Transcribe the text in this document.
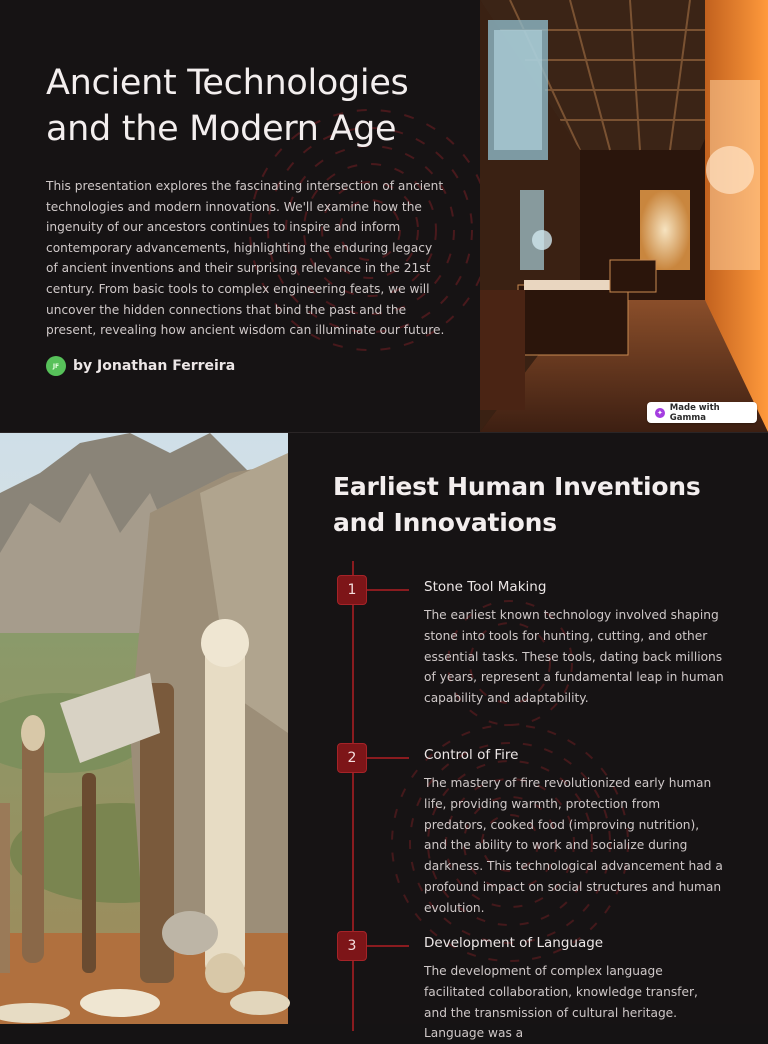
Ancient Technologies and the Modern Age

This presentation explores the fascinating intersection of ancient technologies and modern innovations. We'll examine how the ingenuity of our ancestors continues to inspire and inform contemporary advancements, highlighting the enduring legacy of ancient inventions and their surprising relevance in the 21st century. From basic tools to complex engineering feats, we will uncover the hidden connections that bind the past and the present, revealing how ancient wisdom can illuminate our future.

JF by Jonathan Ferreira
✦ Made with Gamma
Earliest Human Inventions and Innovations
1	Stone Tool Making

The earliest known technology involved shaping stone into tools for hunting, cutting, and other essential tasks. These tools, dating back millions of years, represent a fundamental leap in human capability and adaptability.

2	Control of Fire

The mastery of fire revolutionized early human life, providing warmth, protection from predators, cooked food (improving nutrition), and the ability to work and socialize during darkness. This technological advancement had a profound impact on social structures and human evolution.

3	Development of Language

The development of complex language facilitated collaboration, knowledge transfer, and the transmission of cultural heritage. Language was a
